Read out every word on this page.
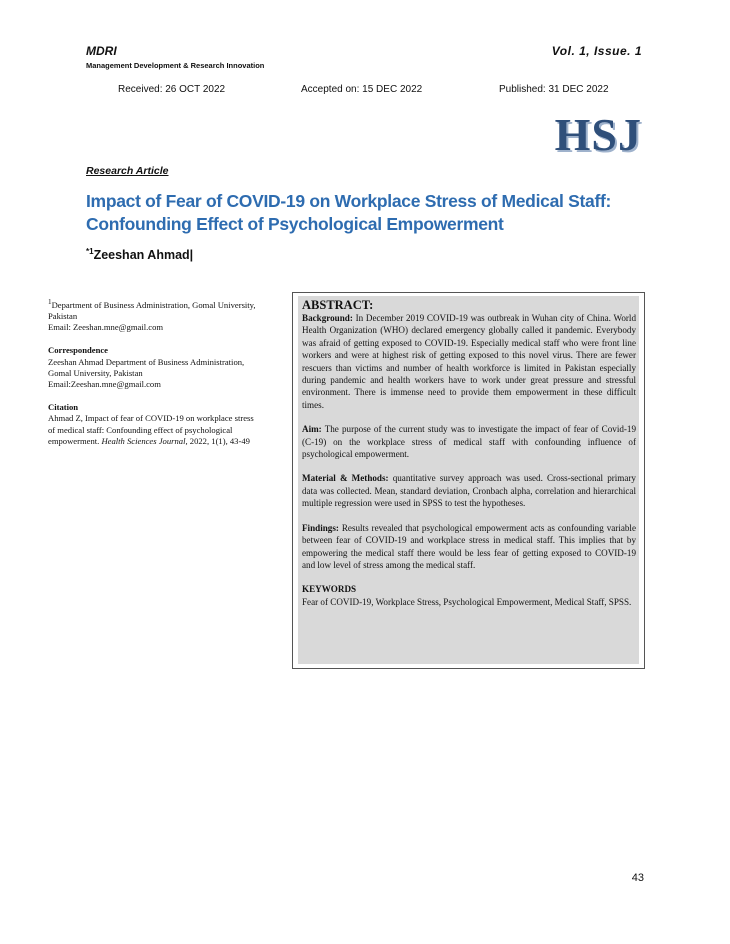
MDRI
Management Development & Research Innovation
Vol. 1, Issue. 1
Received: 26 OCT 2022	Accepted on: 15 DEC 2022	Published: 31 DEC 2022
HSJ
Research Article
Impact of Fear of COVID-19 on Workplace Stress of Medical Staff: Confounding Effect of Psychological Empowerment
$^{*1}$Zeeshan Ahmad|
$^1$Department of Business Administration, Gomal University, Pakistan
Email: Zeeshan.mne@gmail.com
Correspondence
Zeeshan Ahmad Department of Business Administration, Gomal University, Pakistan
Email:Zeeshan.mne@gmail.com
Citation
Ahmad Z, Impact of fear of COVID-19 on workplace stress of medical staff: Confounding effect of psychological empowerment. Health Sciences Journal, 2022, 1(1), 43-49
ABSTRACT:
Background: In December 2019 COVID-19 was outbreak in Wuhan city of China. World Health Organization (WHO) declared emergency globally called it pandemic. Everybody was afraid of getting exposed to COVID-19. Especially medical staff who were front line workers and were at highest risk of getting exposed to this novel virus. There are fewer rescuers than victims and number of health workforce is limited in Pakistan especially during pandemic and health workers have to work under great pressure and stressful environment. There is immense need to provide them empowerment in these difficult times.
Aim: The purpose of the current study was to investigate the impact of fear of Covid-19 (C-19) on the workplace stress of medical staff with confounding influence of psychological empowerment.
Material & Methods: quantitative survey approach was used. Cross-sectional primary data was collected. Mean, standard deviation, Cronbach alpha, correlation and hierarchical multiple regression were used in SPSS to test the hypotheses.
Findings: Results revealed that psychological empowerment acts as confounding variable between fear of COVID-19 and workplace stress in medical staff. This implies that by empowering the medical staff there would be less fear of getting exposed to COVID-19 and low level of stress among the medical staff.
KEYWORDS
Fear of COVID-19, Workplace Stress, Psychological Empowerment, Medical Staff, SPSS.
43
